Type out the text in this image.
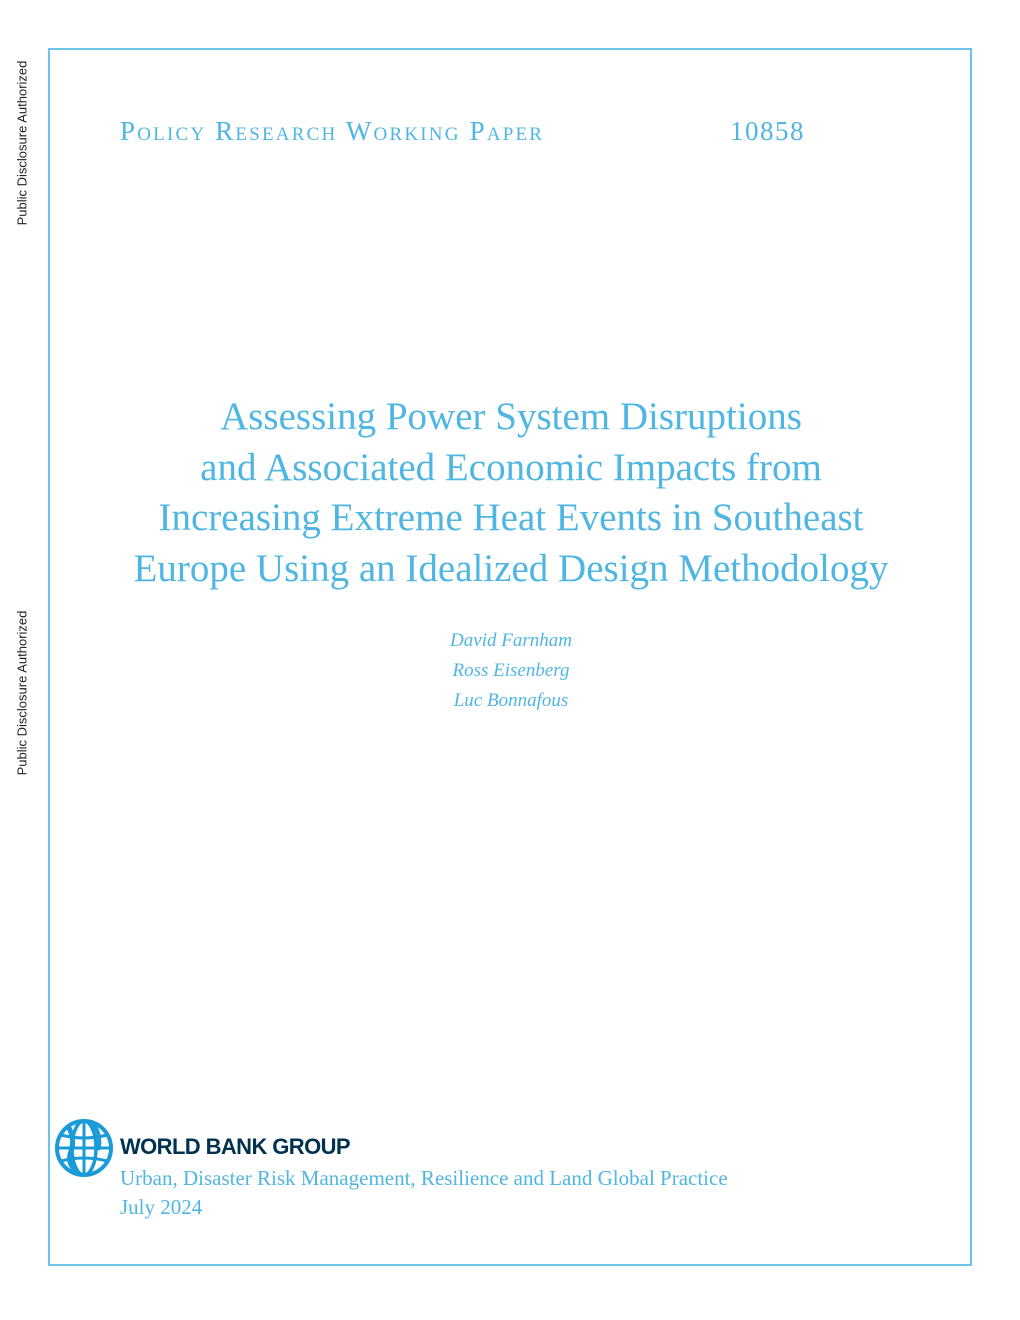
Public Disclosure Authorized
Public Disclosure Authorized
Policy Research Working Paper	10858
Assessing Power System Disruptions
and Associated Economic Impacts from
Increasing Extreme Heat Events in Southeast
Europe Using an Idealized Design Methodology
David Farnham
Ross Eisenberg
Luc Bonnafous
WORLD BANK GROUP
Urban, Disaster Risk Management, Resilience and Land Global Practice
July 2024
